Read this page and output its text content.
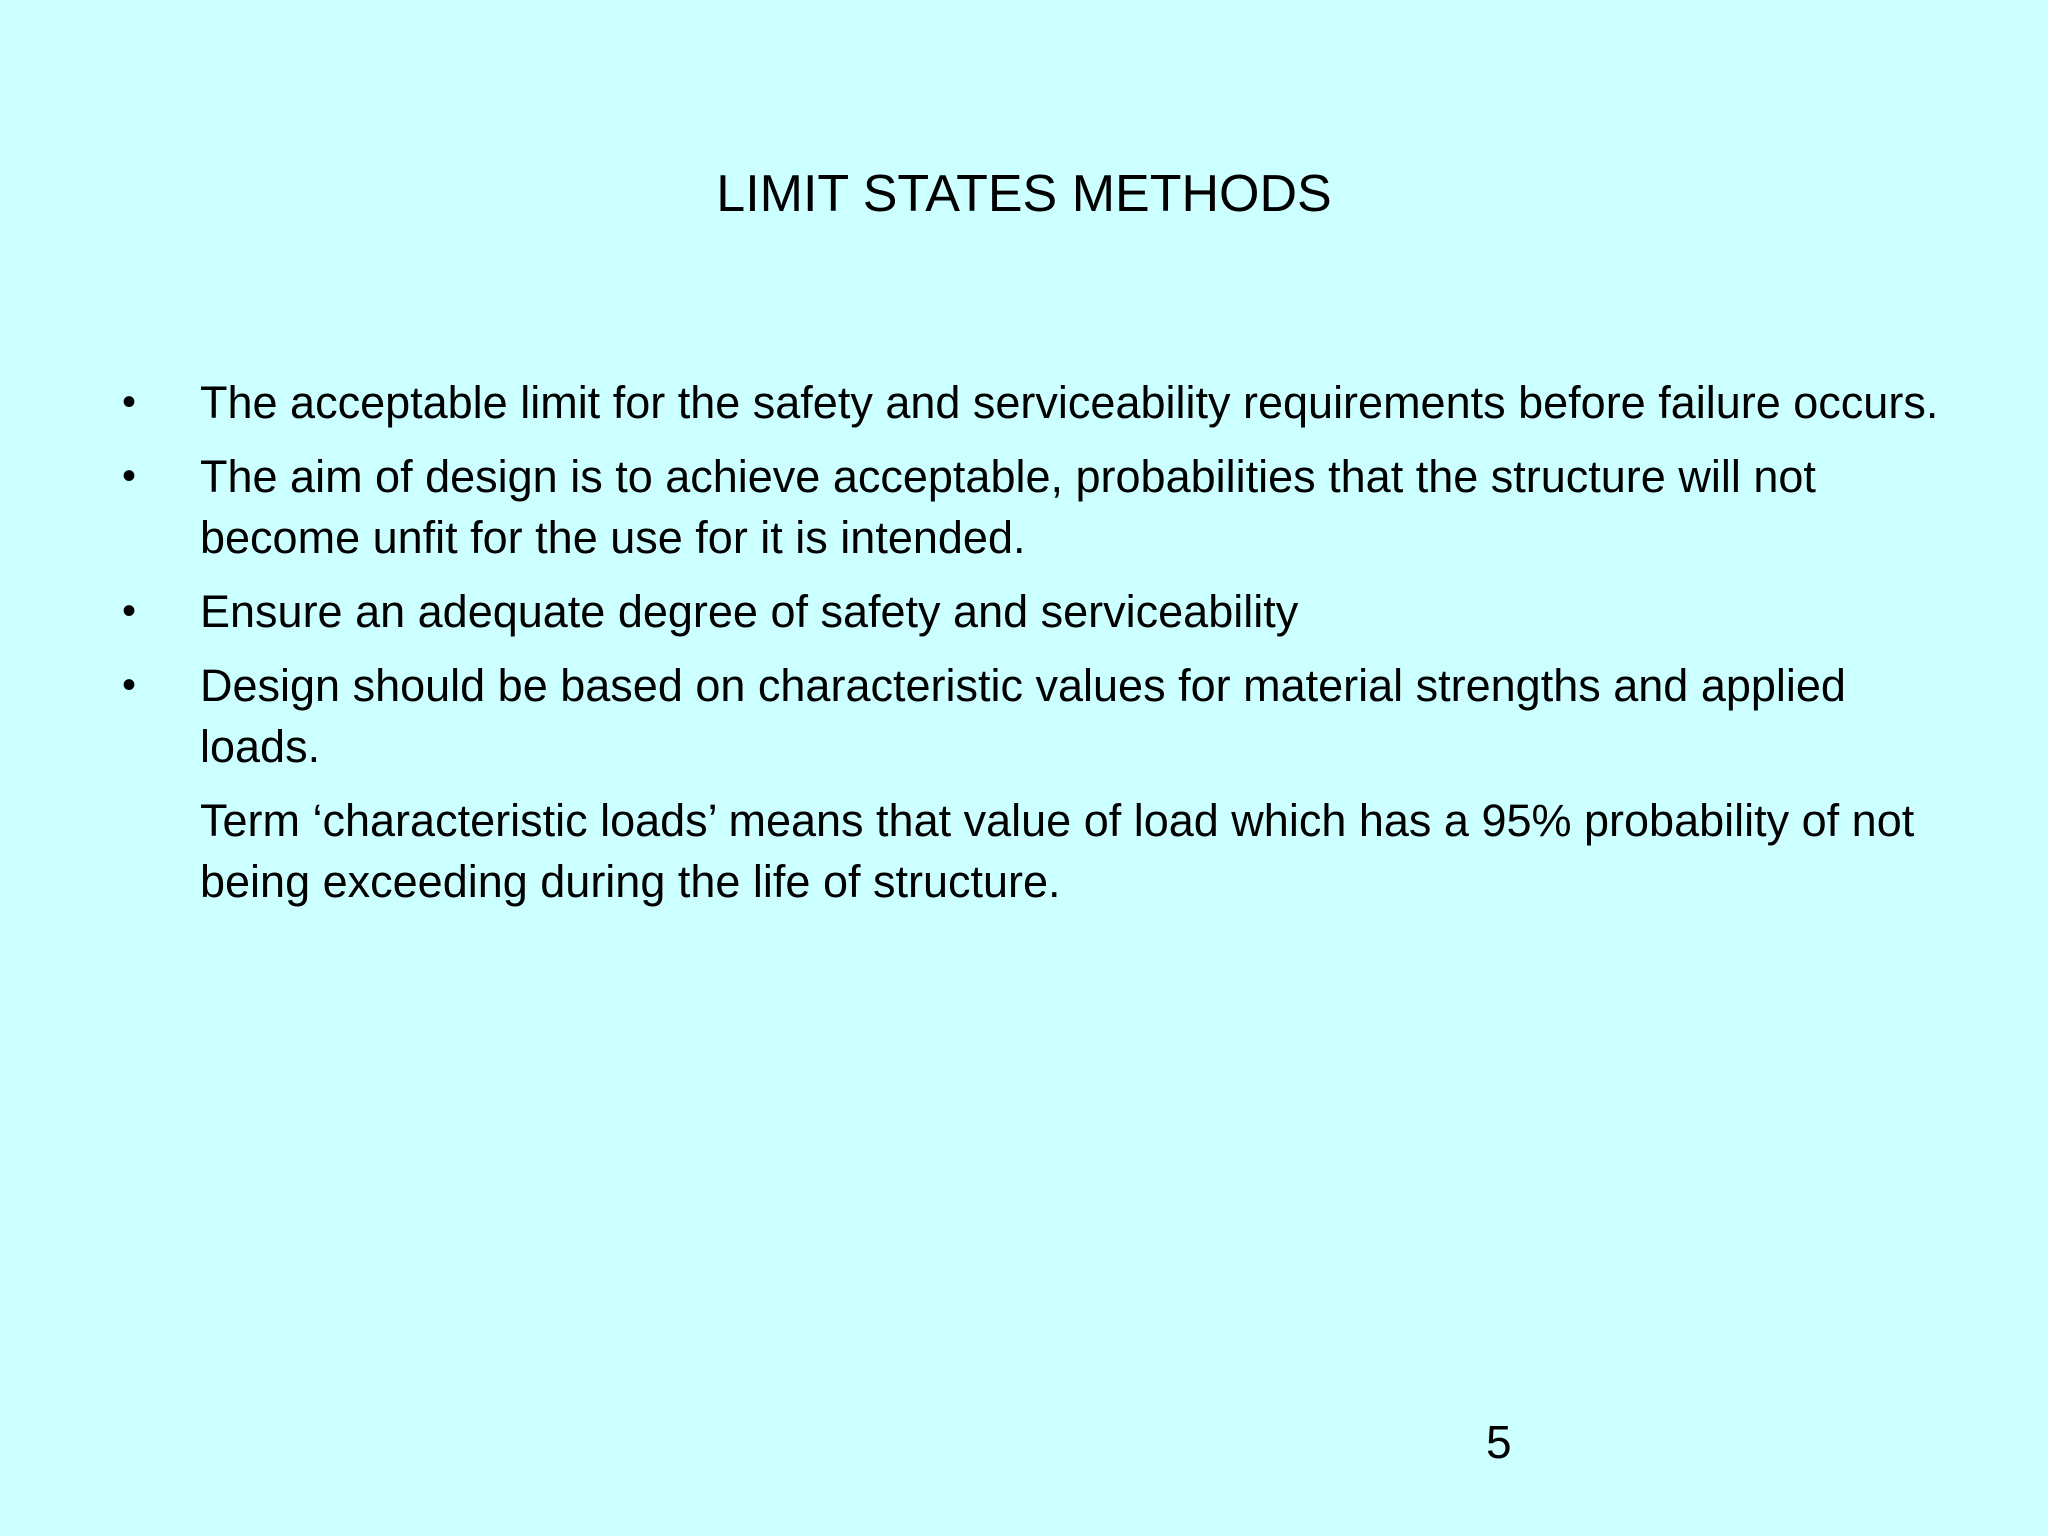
LIMIT STATES METHODS
• The acceptable limit for the safety and serviceability requirements before failure occurs.
• The aim of design is to achieve acceptable, probabilities that the structure will not become unfit for the use for it is intended.
• Ensure an adequate degree of safety and serviceability
• Design should be based on characteristic values for material strengths and applied loads.
Term ‘characteristic loads’ means that value of load which has a 95% probability of not being exceeding during the life of structure.
5
